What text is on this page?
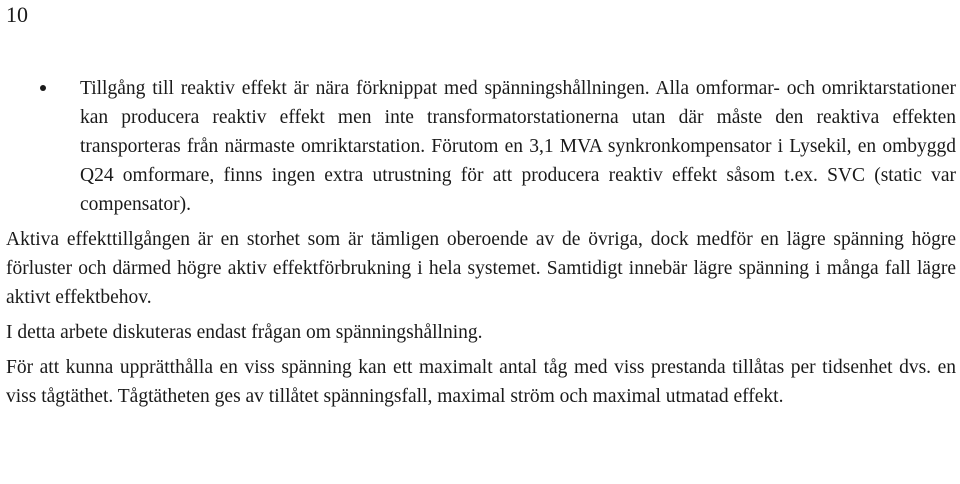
10
Tillgång till reaktiv effekt är nära förknippat med spänningshållningen. Alla omformar- och omriktarstationer kan producera reaktiv effekt men inte transformatorstationerna utan där måste den reaktiva effekten transporteras från närmaste omriktarstation. Förutom en 3,1 MVA synkronkompensator i Lysekil, en ombyggd Q24 omformare, finns ingen extra utrustning för att producera reaktiv effekt såsom t.ex. SVC (static var compensator).

Aktiva effekttillgången är en storhet som är tämligen oberoende av de övriga, dock medför en lägre spänning högre förluster och därmed högre aktiv effektförbrukning i hela systemet. Samtidigt innebär lägre spänning i många fall lägre aktivt effektbehov.

I detta arbete diskuteras endast frågan om spänningshållning.

För att kunna upprätthålla en viss spänning kan ett maximalt antal tåg med viss prestanda tillåtas per tidsenhet dvs. en viss tågtäthet. Tågtätheten ges av tillåtet spänningsfall, maximal ström och maximal utmatad effekt.
